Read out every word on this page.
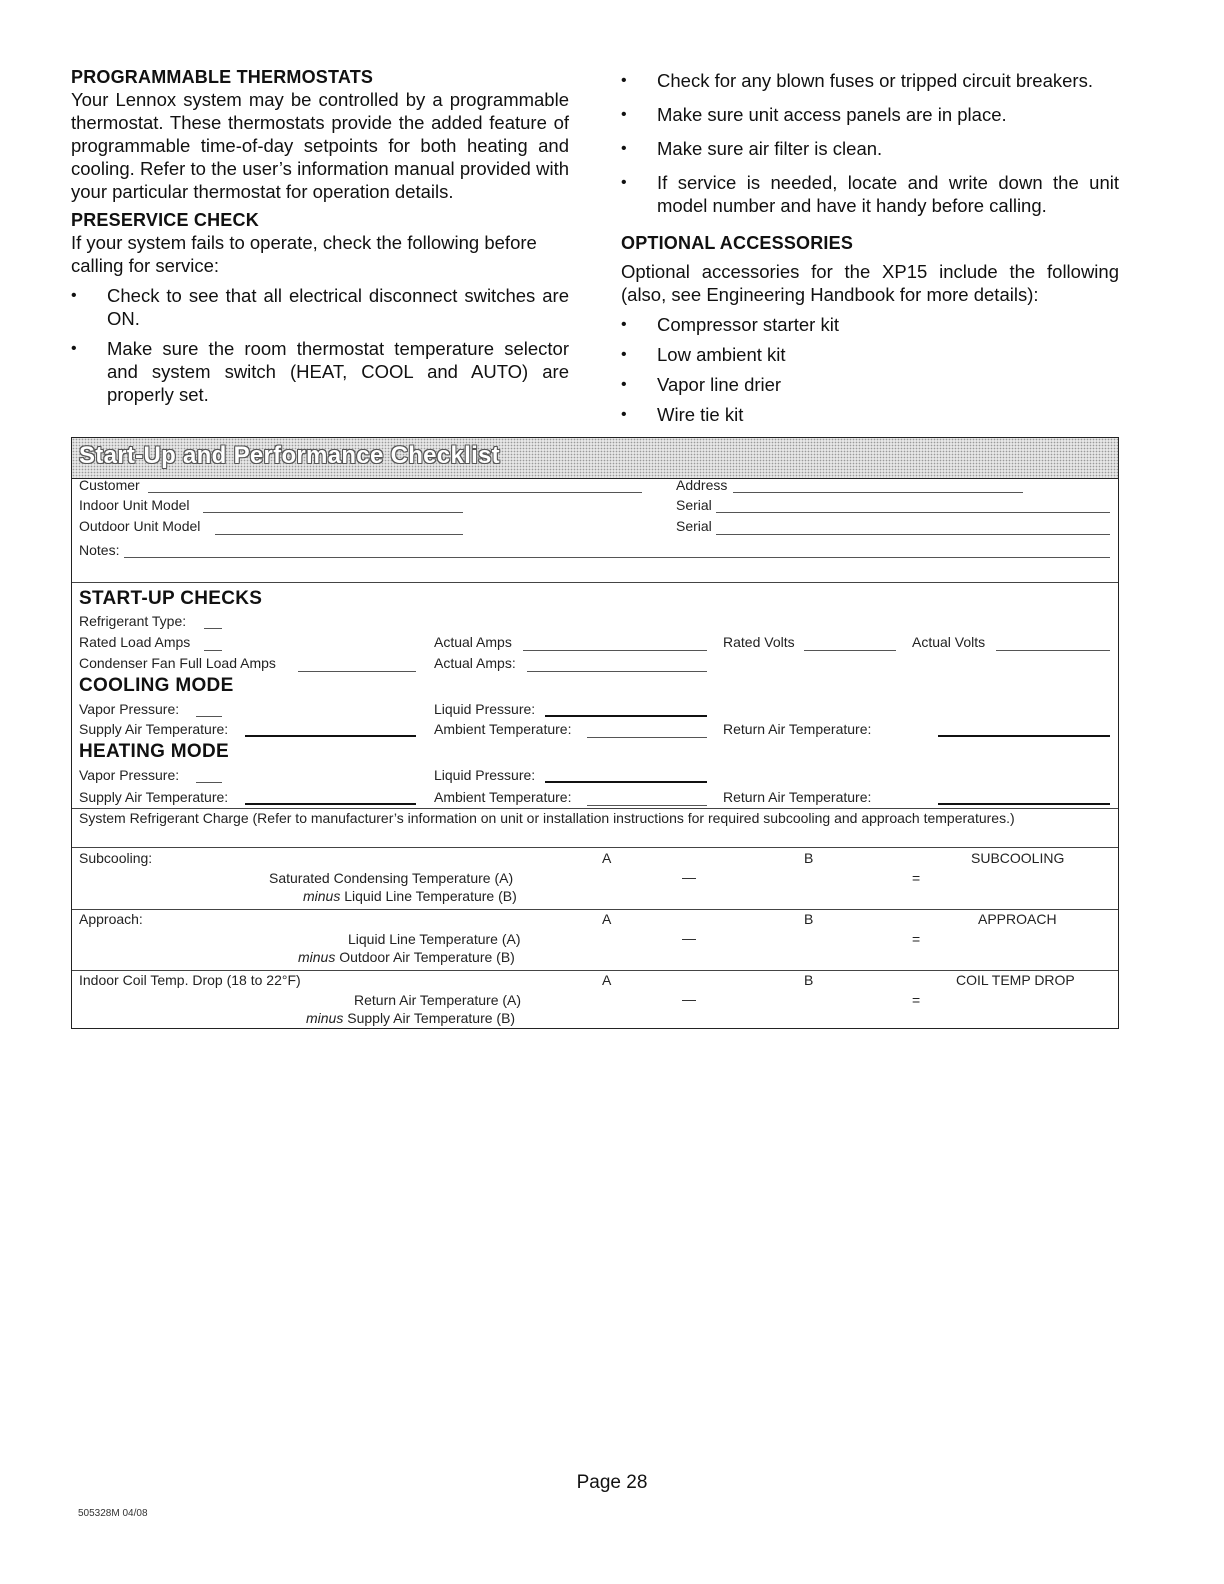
PROGRAMMABLE THERMOSTATS

Your Lennox system may be controlled by a programmable thermostat. These thermostats provide the added feature of programmable time-of-day setpoints for both heating and cooling. Refer to the user’s information manual provided with your particular thermostat for operation details.

PRESERVICE CHECK

If your system fails to operate, check the following before calling for service:

• Check to see that all electrical disconnect switches are ON.
• Make sure the room thermostat temperature selector and system switch (HEAT, COOL and AUTO) are properly set.
• Check for any blown fuses or tripped circuit breakers.
• Make sure unit access panels are in place.
• Make sure air filter is clean.
• If service is needed, locate and write down the unit model number and have it handy before calling.
OPTIONAL ACCESSORIES

Optional accessories for the XP15 include the following (also, see Engineering Handbook for more details):

• Compressor starter kit
• Low ambient kit
• Vapor line drier
• Wire tie kit
Start-Up and Performance Checklist
Customer	Address
Indoor Unit Model	Serial
Outdoor Unit Model	Serial
Notes:
START-UP CHECKS
Refrigerant Type:
Rated Load Amps	Actual Amps	Rated Volts	Actual Volts
Condenser Fan Full Load Amps	Actual Amps:
COOLING MODE
Vapor Pressure:	Liquid Pressure:
Supply Air Temperature:	Ambient Temperature:	Return Air Temperature:
HEATING MODE
Vapor Pressure:	Liquid Pressure:
Supply Air Temperature:	Ambient Temperature:	Return Air Temperature:
System Refrigerant Charge (Refer to manufacturer’s information on unit or installation instructions for required subcooling and approach temperatures.)
Subcooling:	A	B	SUBCOOLING
Saturated Condensing Temperature (A)	—	=
minus Liquid Line Temperature (B)
Approach:	A	B	APPROACH
Liquid Line Temperature (A)	—	=
minus Outdoor Air Temperature (B)
Indoor Coil Temp. Drop (18 to 22°F)	A	B	COIL TEMP DROP
Return Air Temperature (A)	—	=
minus Supply Air Temperature (B)
Page 28
505328M 04/08
